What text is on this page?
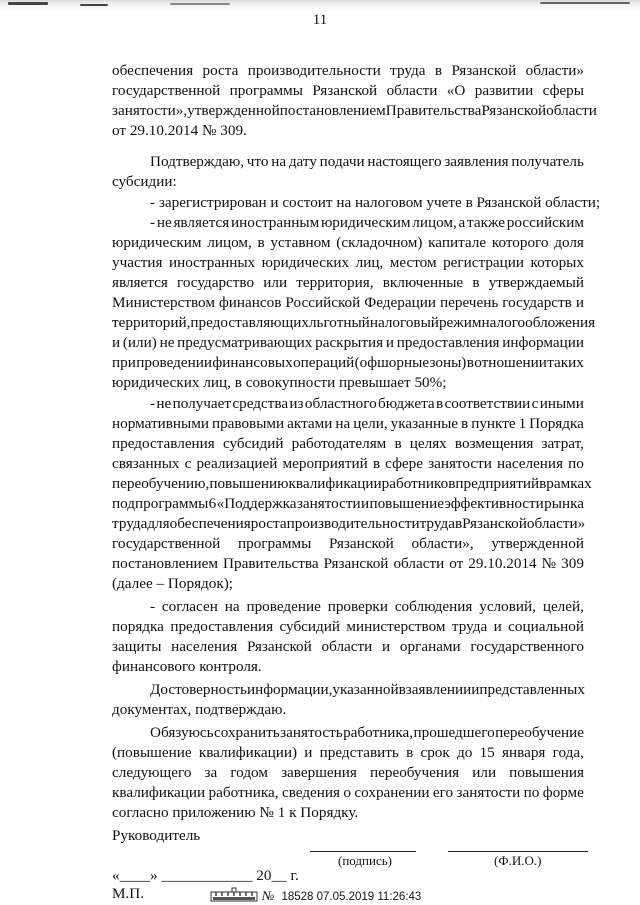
11
обеспечения роста производительности труда в Рязанской области»
государственной программы Рязанской области «О развитии сферы
занятости», утвержденной постановлением Правительства Рязанской области
от 29.10.2014 № 309.
Подтверждаю, что на дату подачи настоящего заявления получатель
субсидии:
- зарегистрирован и состоит на налоговом учете в Рязанской области;
- не является иностранным юридическим лицом, а также российским
юридическим лицом, в уставном (складочном) капитале которого доля
участия иностранных юридических лиц, местом регистрации которых
является государство или территория, включенные в утверждаемый
Министерством финансов Российской Федерации перечень государств и
территорий, предоставляющих льготный налоговый режим налогообложения
и (или) не предусматривающих раскрытия и предоставления информации
при проведении финансовых операций (офшорные зоны) в отношении таких
юридических лиц, в совокупности превышает 50%;
- не получает средства из областного бюджета в соответствии с иными
нормативными правовыми актами на цели, указанные в пункте 1 Порядка
предоставления субсидий работодателям в целях возмещения затрат,
связанных с реализацией мероприятий в сфере занятости населения по
переобучению, повышению квалификации работников предприятий в рамках
подпрограммы 6 «Поддержка занятости и повышение эффективности рынка
труда для обеспечения роста производительности труда в Рязанской области»
государственной программы Рязанской области», утвержденной
постановлением Правительства Рязанской области от 29.10.2014 № 309
(далее – Порядок);
- согласен на проведение проверки соблюдения условий, целей,
порядка предоставления субсидий министерством труда и социальной
защиты населения Рязанской области и органами государственного
финансового контроля.
Достоверность информации, указанной в заявлении и представленных
документах, подтверждаю.
Обязуюсь сохранить занятость работника, прошедшего переобучение
(повышение квалификации) и представить в срок до 15 января года,
следующего за годом завершения переобучения или повышения
квалификации работника, сведения о сохранении его занятости по форме
согласно приложению № 1 к Порядку.
Руководитель
(подпись)	(Ф.И.О.)
«____» ____________ 20__ г.
М.П.	№ 18528 07.05.2019 11:26:43
